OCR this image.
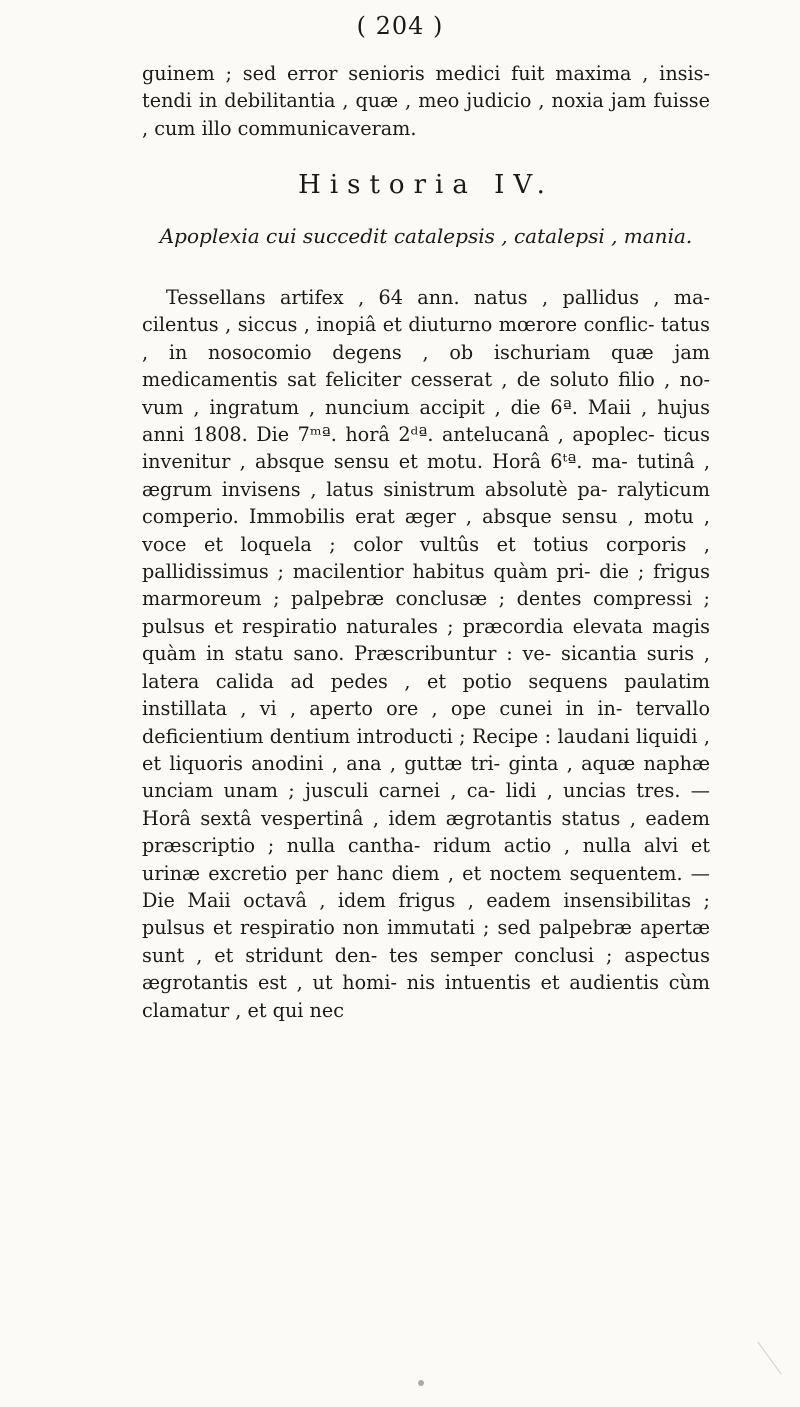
( 204 )
guinem ; sed error senioris medici fuit maxima , insis- tendi in debilitantia , quæ , meo judicio , noxia jam fuisse , cum illo communicaveram.
Historia IV.
Apoplexia cui succedit catalepsis , catalepsi , mania.
Tessellans artifex , 64 ann. natus , pallidus , ma- cilentus , siccus , inopiâ et diuturno mœrore conflic- tatus , in nosocomio degens , ob ischuriam quæ jam medicamentis sat feliciter cesserat , de soluto filio , no- vum , ingratum , nuncium accipit , die 6ª. Maii , hujus anni 1808. Die 7ᵐª. horâ 2ᵈª. antelucanâ , apoplec- ticus invenitur , absque sensu et motu. Horâ 6ᵗª. ma- tutinâ , ægrum invisens , latus sinistrum absolutè pa- ralyticum comperio. Immobilis erat æger , absque sensu , motu , voce et loquela ; color vultûs et totius corporis , pallidissimus ; macilentior habitus quàm pri- die ; frigus marmoreum ; palpebræ conclusæ ; dentes compressi ; pulsus et respiratio naturales ; præcordia elevata magis quàm in statu sano. Præscribuntur : ve- sicantia suris , latera calida ad pedes , et potio sequens paulatim instillata , vi , aperto ore , ope cunei in in- tervallo deficientium dentium introducti ; Recipe : laudani liquidi , et liquoris anodini , ana , guttæ tri- ginta , aquæ naphæ unciam unam ; jusculi carnei , ca- lidi , uncias tres. — Horâ sextâ vespertinâ , idem ægrotantis status , eadem præscriptio ; nulla cantha- ridum actio , nulla alvi et urinæ excretio per hanc diem , et noctem sequentem. — Die Maii octavâ , idem frigus , eadem insensibilitas ; pulsus et respiratio non immutati ; sed palpebræ apertæ sunt , et stridunt den- tes semper conclusi ; aspectus ægrotantis est , ut homi- nis intuentis et audientis cùm clamatur , et qui nec
